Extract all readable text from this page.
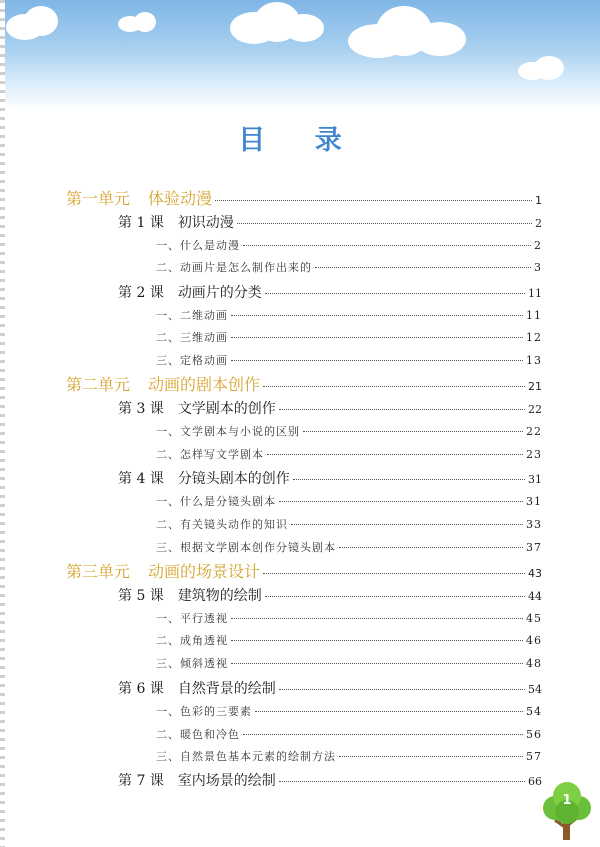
目 录
第一单元 体验动漫	1
第 1 课 初识动漫	2
一、什么是动漫	2
二、动画片是怎么制作出来的	3
第 2 课 动画片的分类	11
一、二维动画	11
二、三维动画	12
三、定格动画	13
第二单元 动画的剧本创作	21
第 3 课 文学剧本的创作	22
一、文学剧本与小说的区别	22
二、怎样写文学剧本	23
第 4 课 分镜头剧本的创作	31
一、什么是分镜头剧本	31
二、有关镜头动作的知识	33
三、根据文学剧本创作分镜头剧本	37
第三单元 动画的场景设计	43
第 5 课 建筑物的绘制	44
一、平行透视	45
二、成角透视	46
三、倾斜透视	48
第 6 课 自然背景的绘制	54
一、色彩的三要素	54
二、暖色和冷色	56
三、自然景色基本元素的绘制方法	57
第 7 课 室内场景的绘制	66
1
